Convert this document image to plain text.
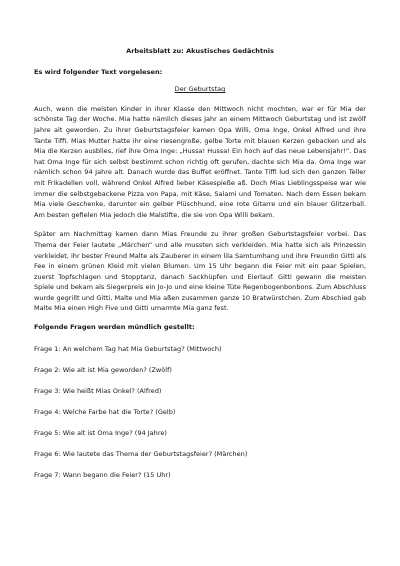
Arbeitsblatt zu: Akustisches Gedächtnis
Es wird folgender Text vorgelesen:
Der Geburtstag

Auch, wenn die meisten Kinder in ihrer Klasse den Mittwoch nicht mochten, war er für Mia der schönste Tag der Woche. Mia hatte nämlich dieses Jahr an einem Mittwoch Geburtstag und ist zwölf Jahre alt geworden. Zu ihrer Geburtstagsfeier kamen Opa Willi, Oma Inge, Onkel Alfred und ihre Tante Tiffi. Mias Mutter hatte ihr eine riesengroße, gelbe Torte mit blauen Kerzen gebacken und als Mia die Kerzen ausblies, rief ihre Oma Inge: „Hussa! Hussa! Ein hoch auf das neue Lebensjahr!“. Das hat Oma Inge für sich selbst bestimmt schon richtig oft gerufen, dachte sich Mia da. Oma Inge war nämlich schon 94 Jahre alt. Danach wurde das Buffet eröffnet. Tante Tiffi lud sich den ganzen Teller mit Frikadellen voll, während Onkel Alfred lieber Käsespieße aß. Doch Mias Lieblingsspeise war wie immer die selbstgebackene Pizza von Papa, mit Käse, Salami und Tomaten. Nach dem Essen bekam Mia viele Geschenke, darunter ein gelber Plüschhund, eine rote Gitarre und ein blauer Glitzerball. Am besten gefielen Mia jedoch die Malstifte, die sie von Opa Willi bekam.

Später am Nachmittag kamen dann Mias Freunde zu ihrer großen Geburtstagsfeier vorbei. Das Thema der Feier lautete „Märchen“ und alle mussten sich verkleiden. Mia hatte sich als Prinzessin verkleidet, ihr bester Freund Malte als Zauberer in einem lila Samtumhang und ihre Freundin Gitti als Fee in einem grünen Kleid mit vielen Blumen. Um 15 Uhr begann die Feier mit ein paar Spielen, zuerst Topfschlagen und Stopptanz, danach Sackhüpfen und Eierlauf. Gitti gewann die meisten Spiele und bekam als Siegerpreis ein Jo-Jo und eine kleine Tüte Regenbogenbonbons. Zum Abschluss wurde gegrillt und Gitti, Malte und Mia aßen zusammen ganze 10 Bratwürstchen. Zum Abschied gab Malte Mia einen High Five und Gitti umarmte Mia ganz fest.

Folgende Fragen werden mündlich gestellt:
Frage 1: An welchem Tag hat Mia Geburtstag? (Mittwoch)
Frage 2: Wie alt ist Mia geworden? (Zwölf)
Frage 3: Wie heißt Mias Onkel? (Alfred)
Frage 4: Welche Farbe hat die Torte? (Gelb)
Frage 5: Wie alt ist Oma Inge? (94 Jahre)
Frage 6: Wie lautete das Thema der Geburtstagsfeier? (Märchen)
Frage 7: Wann begann die Feier? (15 Uhr)
